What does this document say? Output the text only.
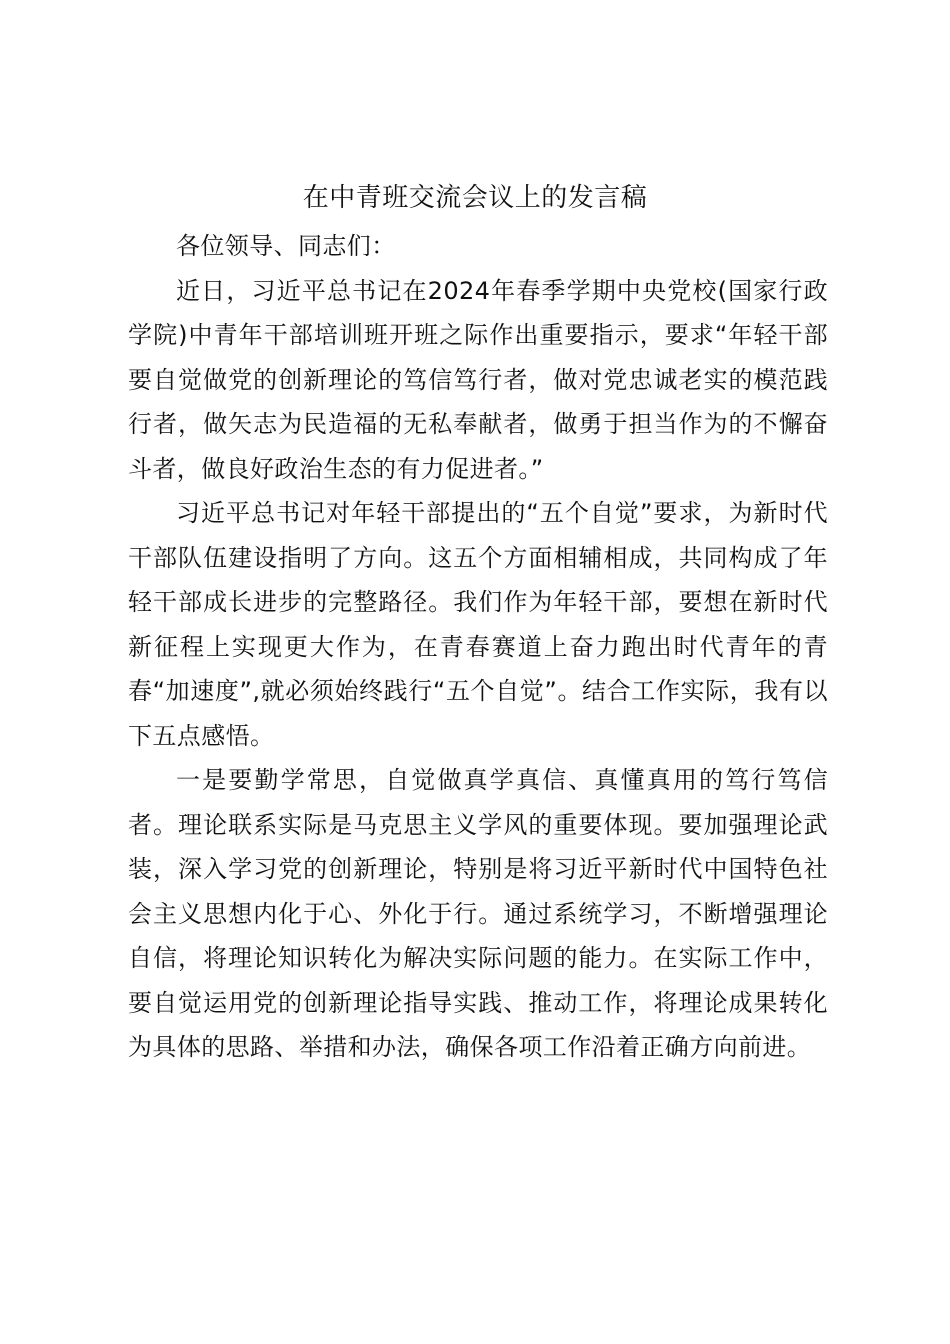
在中青班交流会议上的发言稿

各位领导、同志们：

近日，习近平总书记在2024年春季学期中央党校(国家行政学院)中青年干部培训班开班之际作出重要指示，要求“年轻干部要自觉做党的创新理论的笃信笃行者，做对党忠诚老实的模范践行者，做矢志为民造福的无私奉献者，做勇于担当作为的不懈奋斗者，做良好政治生态的有力促进者。”

习近平总书记对年轻干部提出的“五个自觉”要求，为新时代干部队伍建设指明了方向。这五个方面相辅相成，共同构成了年轻干部成长进步的完整路径。我们作为年轻干部，要想在新时代新征程上实现更大作为，在青春赛道上奋力跑出时代青年的青春“加速度”,就必须始终践行“五个自觉”。结合工作实际，我有以下五点感悟。

一是要勤学常思，自觉做真学真信、真懂真用的笃行笃信者。理论联系实际是马克思主义学风的重要体现。要加强理论武装，深入学习党的创新理论，特别是将习近平新时代中国特色社会主义思想内化于心、外化于行。通过系统学习，不断增强理论自信，将理论知识转化为解决实际问题的能力。在实际工作中，要自觉运用党的创新理论指导实践、推动工作，将理论成果转化为具体的思路、举措和办法，确保各项工作沿着正确方向前进。
